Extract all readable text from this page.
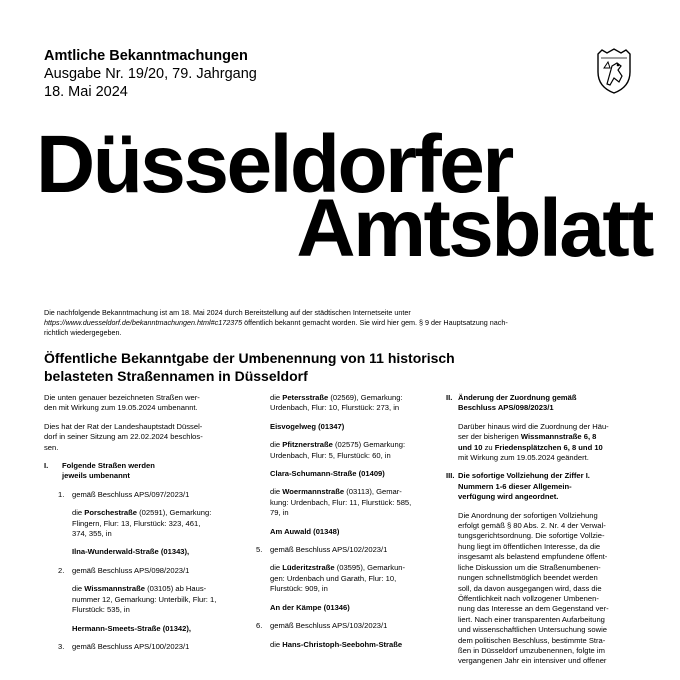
Amtliche Bekanntmachungen
Ausgabe Nr. 19/20, 79. Jahrgang
18. Mai 2024
Düsseldorfer
Amtsblatt
Die nachfolgende Bekanntmachung ist am 18. Mai 2024 durch Bereitstellung auf der städtischen Internetseite unter
https://www.duesseldorf.de/bekanntmachungen.html#c172375 öffentlich bekannt gemacht worden. Sie wird hier gem. § 9 der Hauptsatzung nach-
richtlich wiedergegeben.
Öffentliche Bekanntgabe der Umbenennung von 11 historisch
belasteten Straßennamen in Düsseldorf

Die unten genauer bezeichneten Straßen wer-
den mit Wirkung zum 19.05.2024 umbenannt.

Dies hat der Rat der Landeshauptstadt Düssel-
dorf in seiner Sitzung am 22.02.2024 beschlos-
sen.

I. Folgende Straßen werden
jeweils umbenannt
1. gemäß Beschluss APS/097/2023/1

die Porschestraße (02591), Gemarkung:
Flingern, Flur: 13, Flurstück: 323, 461,
374, 355, in

Ilna-Wunderwald-Straße (01343),

2. gemäß Beschluss APS/098/2023/1

die Wissmannstraße (03105) ab Haus-
nummer 12, Gemarkung: Unterbilk, Flur: 1,
Flurstück: 535, in

Hermann-Smeets-Straße (01342),

3. gemäß Beschluss APS/100/2023/1

die Petersstraße (02569), Gemarkung:
Urdenbach, Flur: 10, Flurstück: 273, in

Eisvogelweg (01347)

die Pfitznerstraße (02575) Gemarkung:
Urdenbach, Flur: 5, Flurstück: 60, in

Clara-Schumann-Straße (01409)

die Woermannstraße (03113), Gemar-
kung: Urdenbach, Flur: 11, Flurstück: 585,
79, in

Am Auwald (01348)

5. gemäß Beschluss APS/102/2023/1

die Lüderitzstraße (03595), Gemarkun-
gen: Urdenbach und Garath, Flur: 10,
Flurstück: 909, in

An der Kämpe (01346)

6. gemäß Beschluss APS/103/2023/1

die Hans-Christoph-Seebohm-Straße

II. Änderung der Zuordnung gemäß
Beschluss APS/098/2023/1

Darüber hinaus wird die Zuordnung der Häu-
ser der bisherigen Wissmannstraße 6, 8
und 10 zu Friedensplätzchen 6, 8 und 10
mit Wirkung zum 19.05.2024 geändert.

III. Die sofortige Vollziehung der Ziffer I.
Nummern 1-6 dieser Allgemein-
verfügung wird angeordnet.

Die Anordnung der sofortigen Vollziehung
erfolgt gemäß § 80 Abs. 2. Nr. 4 der Verwal-
tungsgerichtsordnung. Die sofortige Vollzie-
hung liegt im öffentlichen Interesse, da die
insgesamt als belastend empfundene öffent-
liche Diskussion um die Straßenumbenen-
nungen schnellstmöglich beendet werden
soll, da davon ausgegangen wird, dass die
Öffentlichkeit nach vollzogener Umbenen-
nung das Interesse an dem Gegenstand ver-
liert. Nach einer transparenten Aufarbeitung
und wissenschaftlichen Untersuchung sowie
dem politischen Beschluss, bestimmte Stra-
ßen in Düsseldorf umzubenennen, folgte im
vergangenen Jahr ein intensiver und offener
